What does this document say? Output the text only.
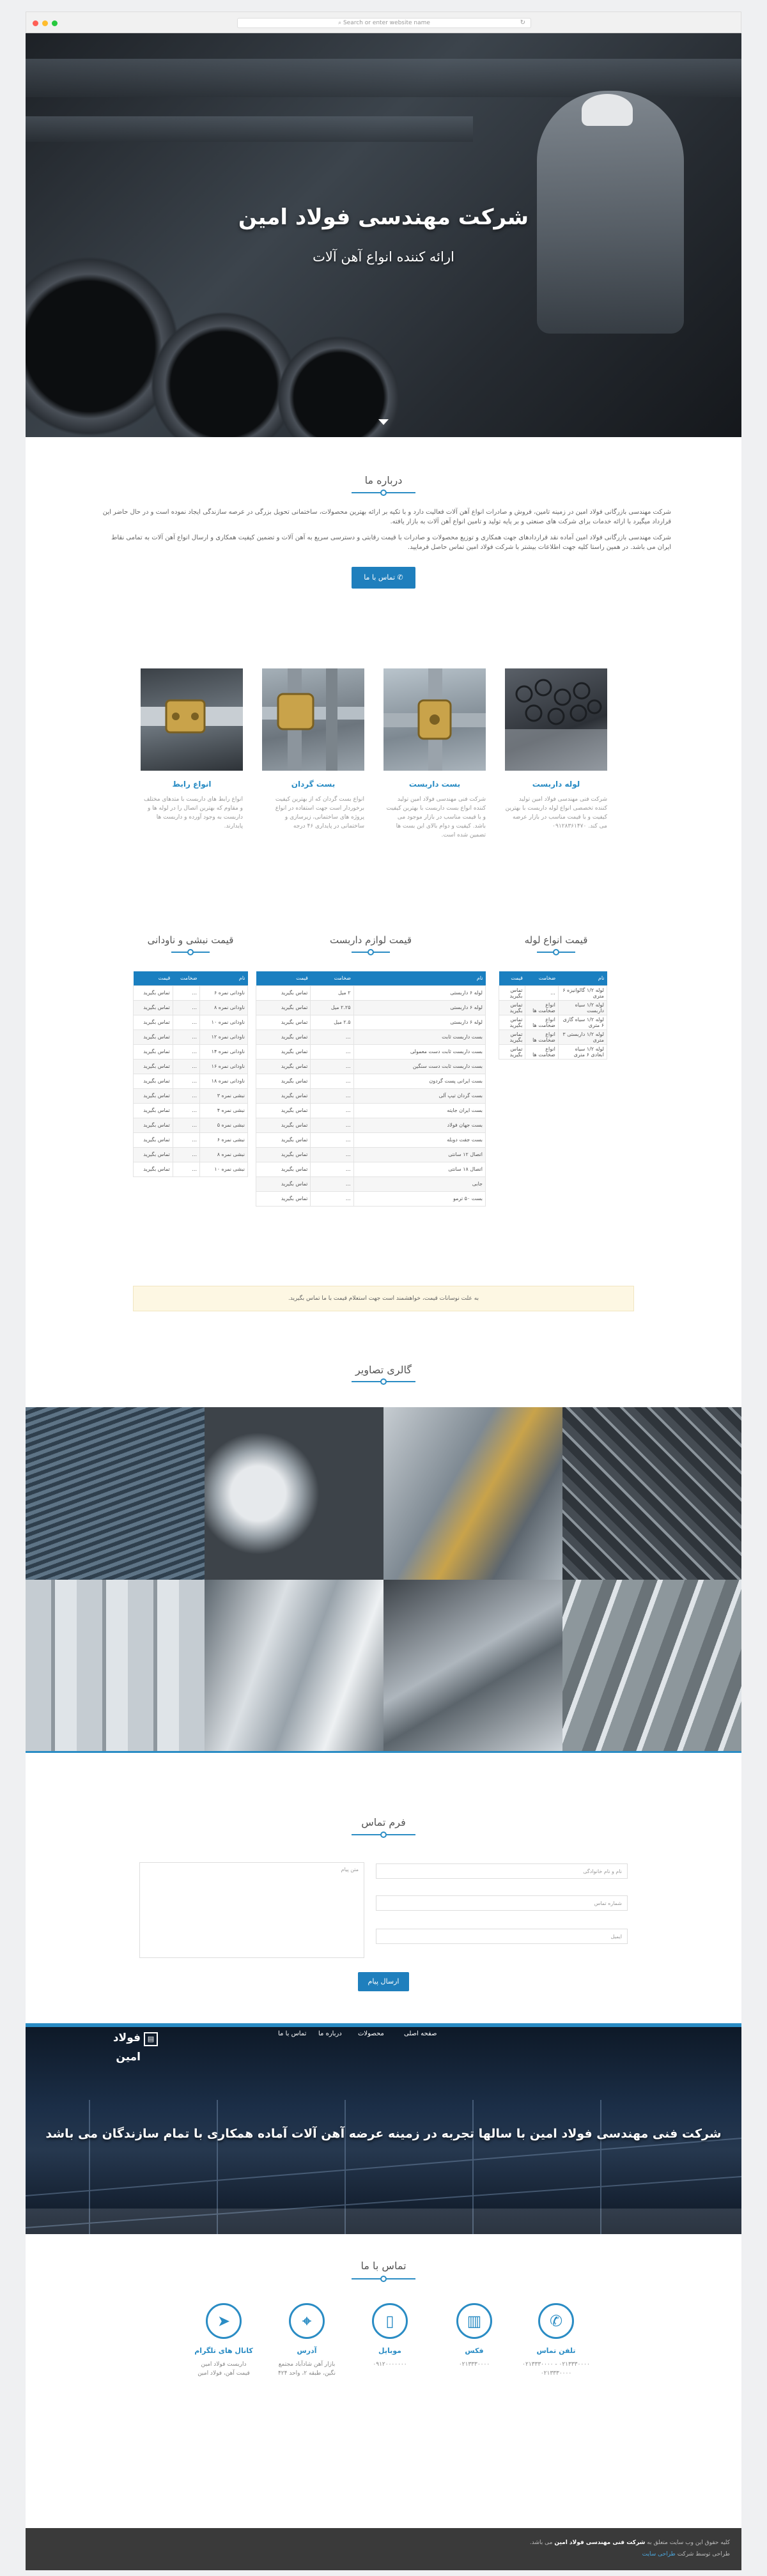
⌕ Search or enter website name	↻
شرکت مهندسی فولاد امین
ارائه کننده انواع آهن آلات
درباره ما
شرکت مهندسی بازرگانی فولاد امین در زمینه تامین، فروش و صادرات انواع آهن آلات فعالیت دارد و با تکیه بر ارائه بهترین محصولات، ساختمانی تحویل بزرگی در عرصه سازندگی ایجاد نموده است و در حال حاضر این قرارداد میگیرد با ارائه خدمات برای شرکت های صنعتی و بر پایه تولید و تامین انواع آهن آلات به بازار یافته.
شرکت مهندسی بازرگانی فولاد امین آماده نقد قراردادهای جهت همکاری و توزیع محصولات و صادرات با قیمت رقابتی و دسترسی سریع به آهن آلات و تضمین کیفیت همکاری و ارسال انواع آهن آلات به تمامی نقاط ایران می باشد. در همین راستا کلیه جهت اطلاعات بیشتر با شرکت فولاد امین تماس حاصل فرمایید.
✆ تماس با ما
لوله داربست
شرکت فنی مهندسی فولاد امین تولید کننده تخصصی انواع لوله داربست با بهترین کیفیت و با قیمت مناسب در بازار عرضه می کند. ۰۹۱۲۸۳۶۱۴۷۰
بست داربست
شرکت فنی مهندسی فولاد امین تولید کننده انواع بست داربست با بهترین کیفیت و با قیمت مناسب در بازار موجود می باشد. کیفیت و دوام بالای این بست ها تضمین شده است.
بست گردان
انواع بست گردان که از بهترین کیفیت برخوردار است جهت استفاده در انواع پروژه های ساختمانی، زیرسازی و ساختمانی در پایداری ۴۶ درجه
انواع رابط
انواع رابط های داربست با متدهای مختلف و مقاوم که بهترین اتصال را در لوله ها و داربست به وجود آورده و داربست ها پایدارند.
قیمت انواع لوله
نام	ضخامت	قیمت
لوله ۱/۲ گالوانیزه ۶ متری	...	تماس بگیرید
لوله ۱/۲ سیاه داربست	انواع ضخامت ها	تماس بگیرید
لوله ۱/۲ سیاه گازی ۶ متری	انواع ضخامت ها	تماس بگیرید
لوله ۱/۲ داربستی ۳ متری	انواع ضخامت ها	تماس بگیرید
لوله ۱/۲ سیاه ابعادی ۶ متری	انواع ضخامت ها	تماس بگیرید
قیمت لوازم داربست
نام	ضخامت	قیمت
لوله ۶ داربستی	۲ میل	تماس بگیرید
لوله ۶ داربستی	۲.۲۵ میل	تماس بگیرید
لوله ۶ داربستی	۲.۵ میل	تماس بگیرید
بست داربست ثابت	...	تماس بگیرید
بست داربست ثابت دست معمولی	...	تماس بگیرید
بست داربست ثابت دست سنگین	...	تماس بگیرید
بست ایرانی پست گردون	...	تماس بگیرید
بست گردان تیپ آلی	...	تماس بگیرید
بست ایران جایته	...	تماس بگیرید
بست جهان فولاد	...	تماس بگیرید
بست جفت دوبله	...	تماس بگیرید
اتصال ۱۲ سانتی	...	تماس بگیرید
اتصال ۱۸ سانتی	...	تماس بگیرید
جابی	...	تماس بگیرید
بست ۵۰ ترمو	...	تماس بگیرید
قیمت نبشی و ناودانی
نام	ضخامت	قیمت
ناودانی نمره ۶	...	تماس بگیرید
ناودانی نمره ۸	...	تماس بگیرید
ناودانی نمره ۱۰	...	تماس بگیرید
ناودانی نمره ۱۲	...	تماس بگیرید
ناودانی نمره ۱۴	...	تماس بگیرید
ناودانی نمره ۱۶	...	تماس بگیرید
ناودانی نمره ۱۸	...	تماس بگیرید
نبشی نمره ۳	...	تماس بگیرید
نبشی نمره ۴	...	تماس بگیرید
نبشی نمره ۵	...	تماس بگیرید
نبشی نمره ۶	...	تماس بگیرید
نبشی نمره ۸	...	تماس بگیرید
نبشی نمره ۱۰	...	تماس بگیرید
به علت نوسانات قیمت، خواهشمند است جهت استعلام قیمت با ما تماس بگیرید.
گالری تصاویر
فرم تماس
نام و نام خانوادگی
شماره تماس
ایمیل
متن پیام
ارسال پیام
▤
فولاد امین
صفحه اصلی
محصولات
درباره ما
تماس با ما
شرکت فنی مهندسی فولاد امین با سالها تجربه در زمینه عرضه آهن آلات آماده همکاری با تمام سازندگان می باشد
تماس با ما
✆
تلفن تماس
۰۲۱۳۳۳۰۰۰۰ - ۰۲۱۳۳۳۰۰۰۰
۰۲۱۳۳۳۰۰۰۰
▥
فکس
۰۲۱۳۳۳۰۰۰۰
▯
موبایل
۰۹۱۲۰۰۰۰۰۰۰
⌖
آدرس
بازار آهن شادآباد مجتمع
نگین، طبقه ۲، واحد ۴۲۴
➤
کانال های تلگرام
داربست فولاد امین
قیمت آهن، فولاد امین
کلیه حقوق این وب سایت متعلق به شرکت فنی مهندسی فولاد امین می باشد.
طراحی توسط شرکت طراحی سایت
